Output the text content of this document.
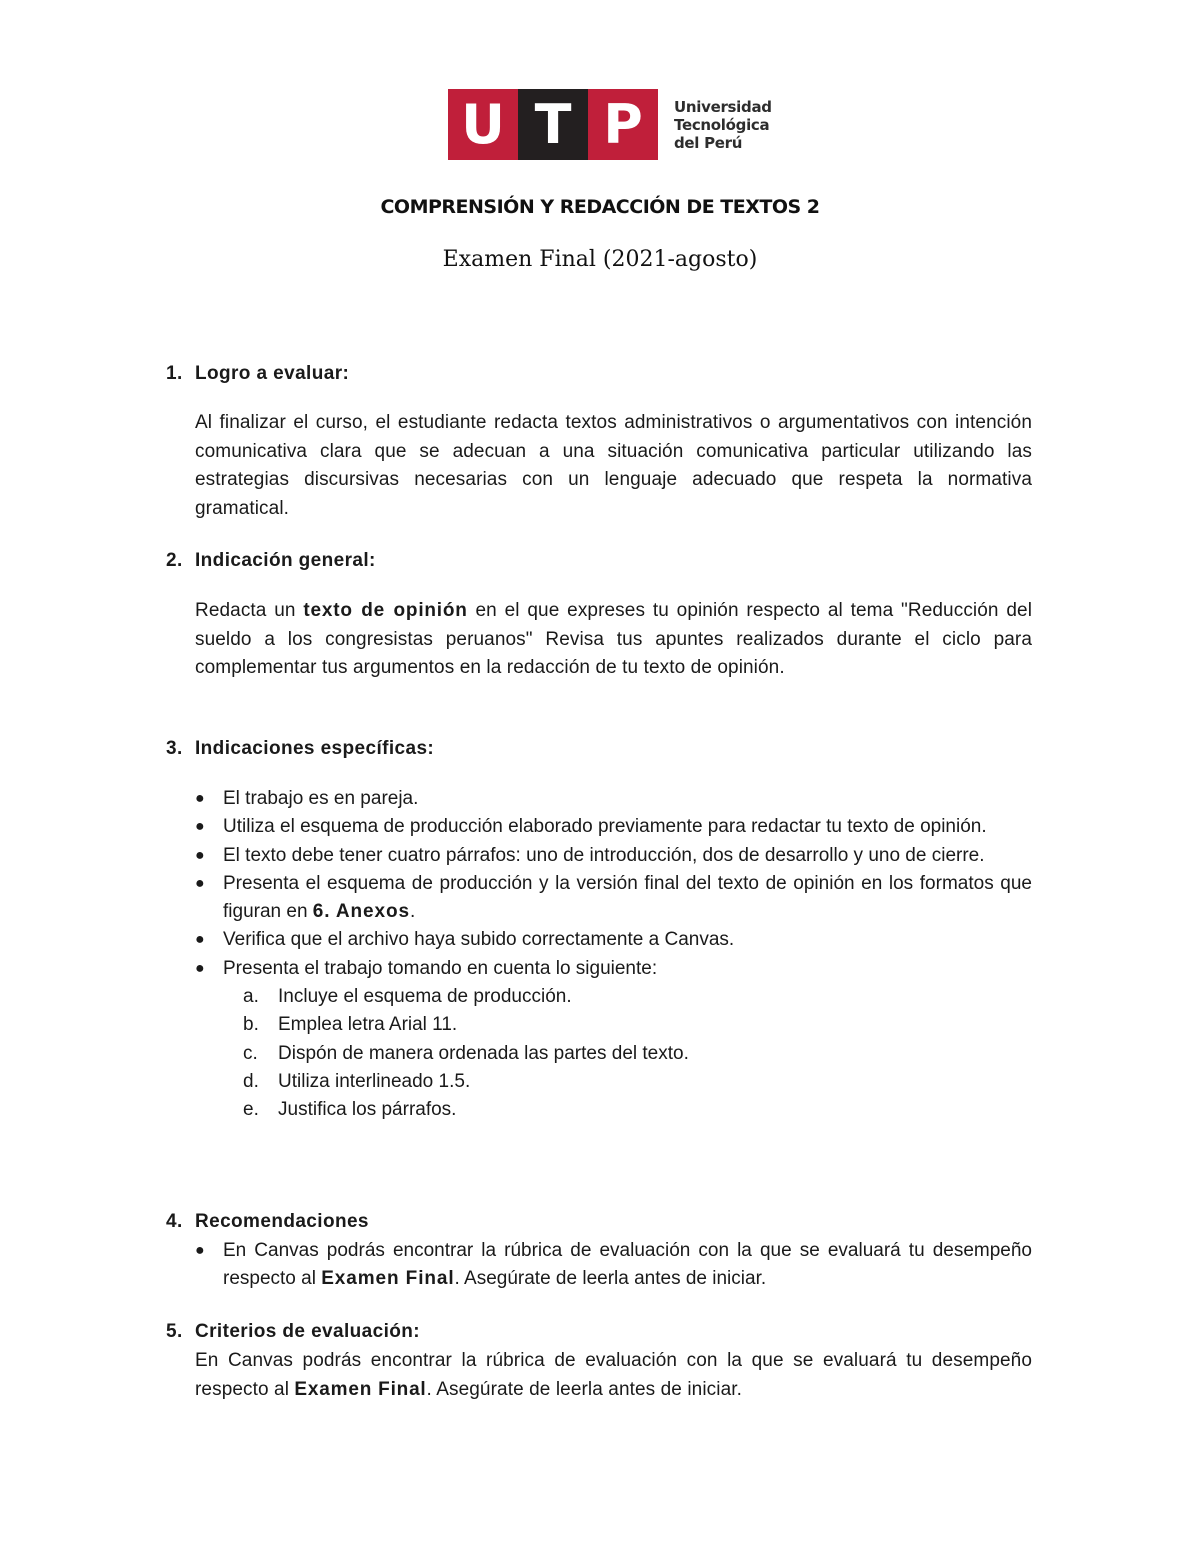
U T P Universidad
Tecnológica
del Perú
COMPRENSIÓN Y REDACCIÓN DE TEXTOS 2
Examen Final (2021-agosto)
1. Logro a evaluar:
Al finalizar el curso, el estudiante redacta textos administrativos o argumentativos con intención comunicativa clara que se adecuan a una situación comunicativa particular utilizando las estrategias discursivas necesarias con un lenguaje adecuado que respeta la normativa gramatical.
2. Indicación general:
Redacta un texto de opinión en el que expreses tu opinión respecto al tema "Reducción del sueldo a los congresistas peruanos" Revisa tus apuntes realizados durante el ciclo para complementar tus argumentos en la redacción de tu texto de opinión.
3. Indicaciones específicas:
● El trabajo es en pareja.
● Utiliza el esquema de producción elaborado previamente para redactar tu texto de opinión.
● El texto debe tener cuatro párrafos: uno de introducción, dos de desarrollo y uno de cierre.
● Presenta el esquema de producción y la versión final del texto de opinión en los formatos que figuran en 6. Anexos.
● Verifica que el archivo haya subido correctamente a Canvas.
● Presenta el trabajo tomando en cuenta lo siguiente:
a. Incluye el esquema de producción.
b. Emplea letra Arial 11.
c. Dispón de manera ordenada las partes del texto.
d. Utiliza interlineado 1.5.
e. Justifica los párrafos.
4. Recomendaciones
● En Canvas podrás encontrar la rúbrica de evaluación con la que se evaluará tu desempeño respecto al Examen Final. Asegúrate de leerla antes de iniciar.
5. Criterios de evaluación:
En Canvas podrás encontrar la rúbrica de evaluación con la que se evaluará tu desempeño respecto al Examen Final. Asegúrate de leerla antes de iniciar.
